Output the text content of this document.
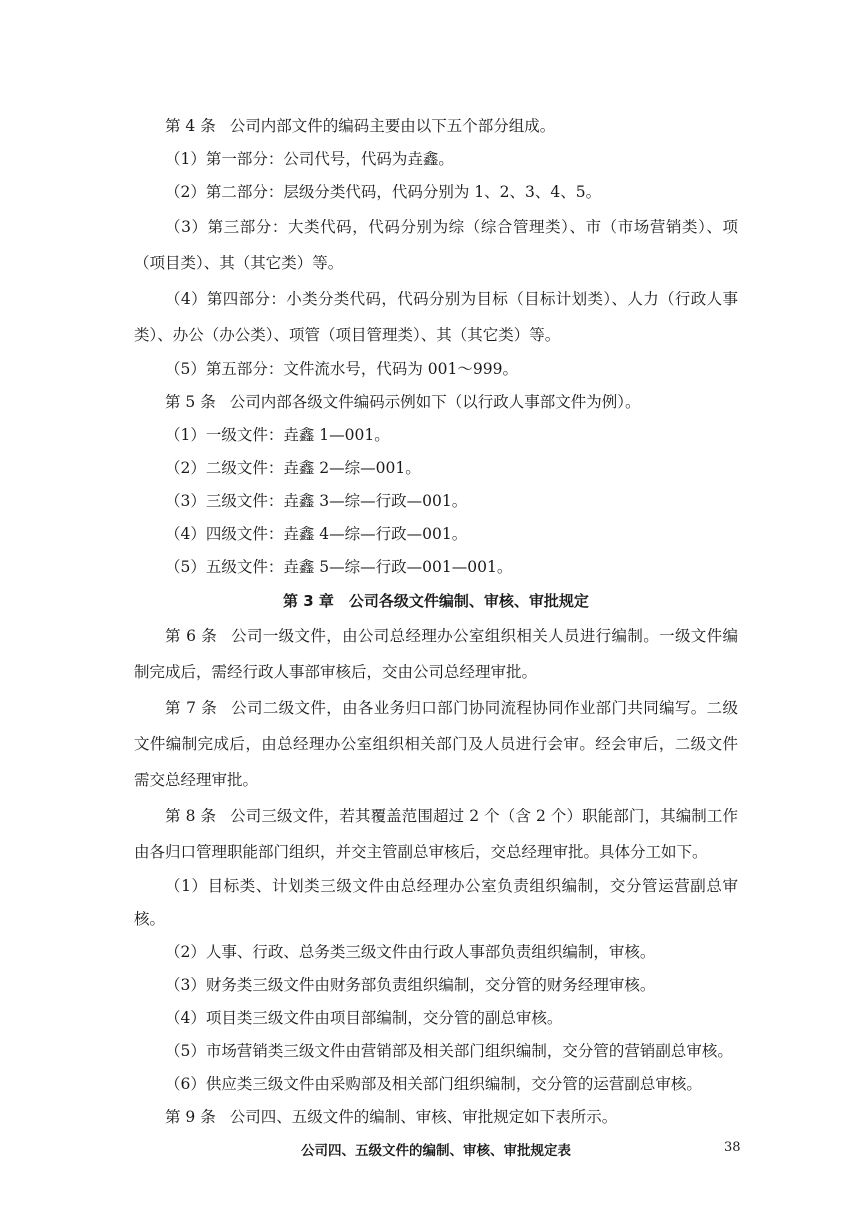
第 4 条 公司内部文件的编码主要由以下五个部分组成。

（1）第一部分：公司代号，代码为垚鑫。

（2）第二部分：层级分类代码，代码分别为 1、2、3、4、5。

（3）第三部分：大类代码，代码分别为综（综合管理类）、市（市场营销类）、项（项目类）、其（其它类）等。

（4）第四部分：小类分类代码，代码分别为目标（目标计划类）、人力（行政人事类）、办公（办公类）、项管（项目管理类）、其（其它类）等。

（5）第五部分：文件流水号，代码为 001～999。

第 5 条 公司内部各级文件编码示例如下（以行政人事部文件为例）。

（1）一级文件：垚鑫 1—001。

（2）二级文件：垚鑫 2—综—001。

（3）三级文件：垚鑫 3—综—行政—001。

（4）四级文件：垚鑫 4—综—行政—001。

（5）五级文件：垚鑫 5—综—行政—001—001。

第 3 章　公司各级文件编制、审核、审批规定

第 6 条 公司一级文件，由公司总经理办公室组织相关人员进行编制。一级文件编制完成后，需经行政人事部审核后，交由公司总经理审批。

第 7 条 公司二级文件，由各业务归口部门协同流程协同作业部门共同编写。二级文件编制完成后，由总经理办公室组织相关部门及人员进行会审。经会审后，二级文件需交总经理审批。

第 8 条 公司三级文件，若其覆盖范围超过 2 个（含 2 个）职能部门，其编制工作由各归口管理职能部门组织，并交主管副总审核后，交总经理审批。具体分工如下。

（1）目标类、计划类三级文件由总经理办公室负责组织编制，交分管运营副总审核。

（2）人事、行政、总务类三级文件由行政人事部负责组织编制，审核。

（3）财务类三级文件由财务部负责组织编制，交分管的财务经理审核。

（4）项目类三级文件由项目部编制，交分管的副总审核。

（5）市场营销类三级文件由营销部及相关部门组织编制，交分管的营销副总审核。

（6）供应类三级文件由采购部及相关部门组织编制，交分管的运营副总审核。

第 9 条 公司四、五级文件的编制、审核、审批规定如下表所示。

公司四、五级文件的编制、审核、审批规定表	38
